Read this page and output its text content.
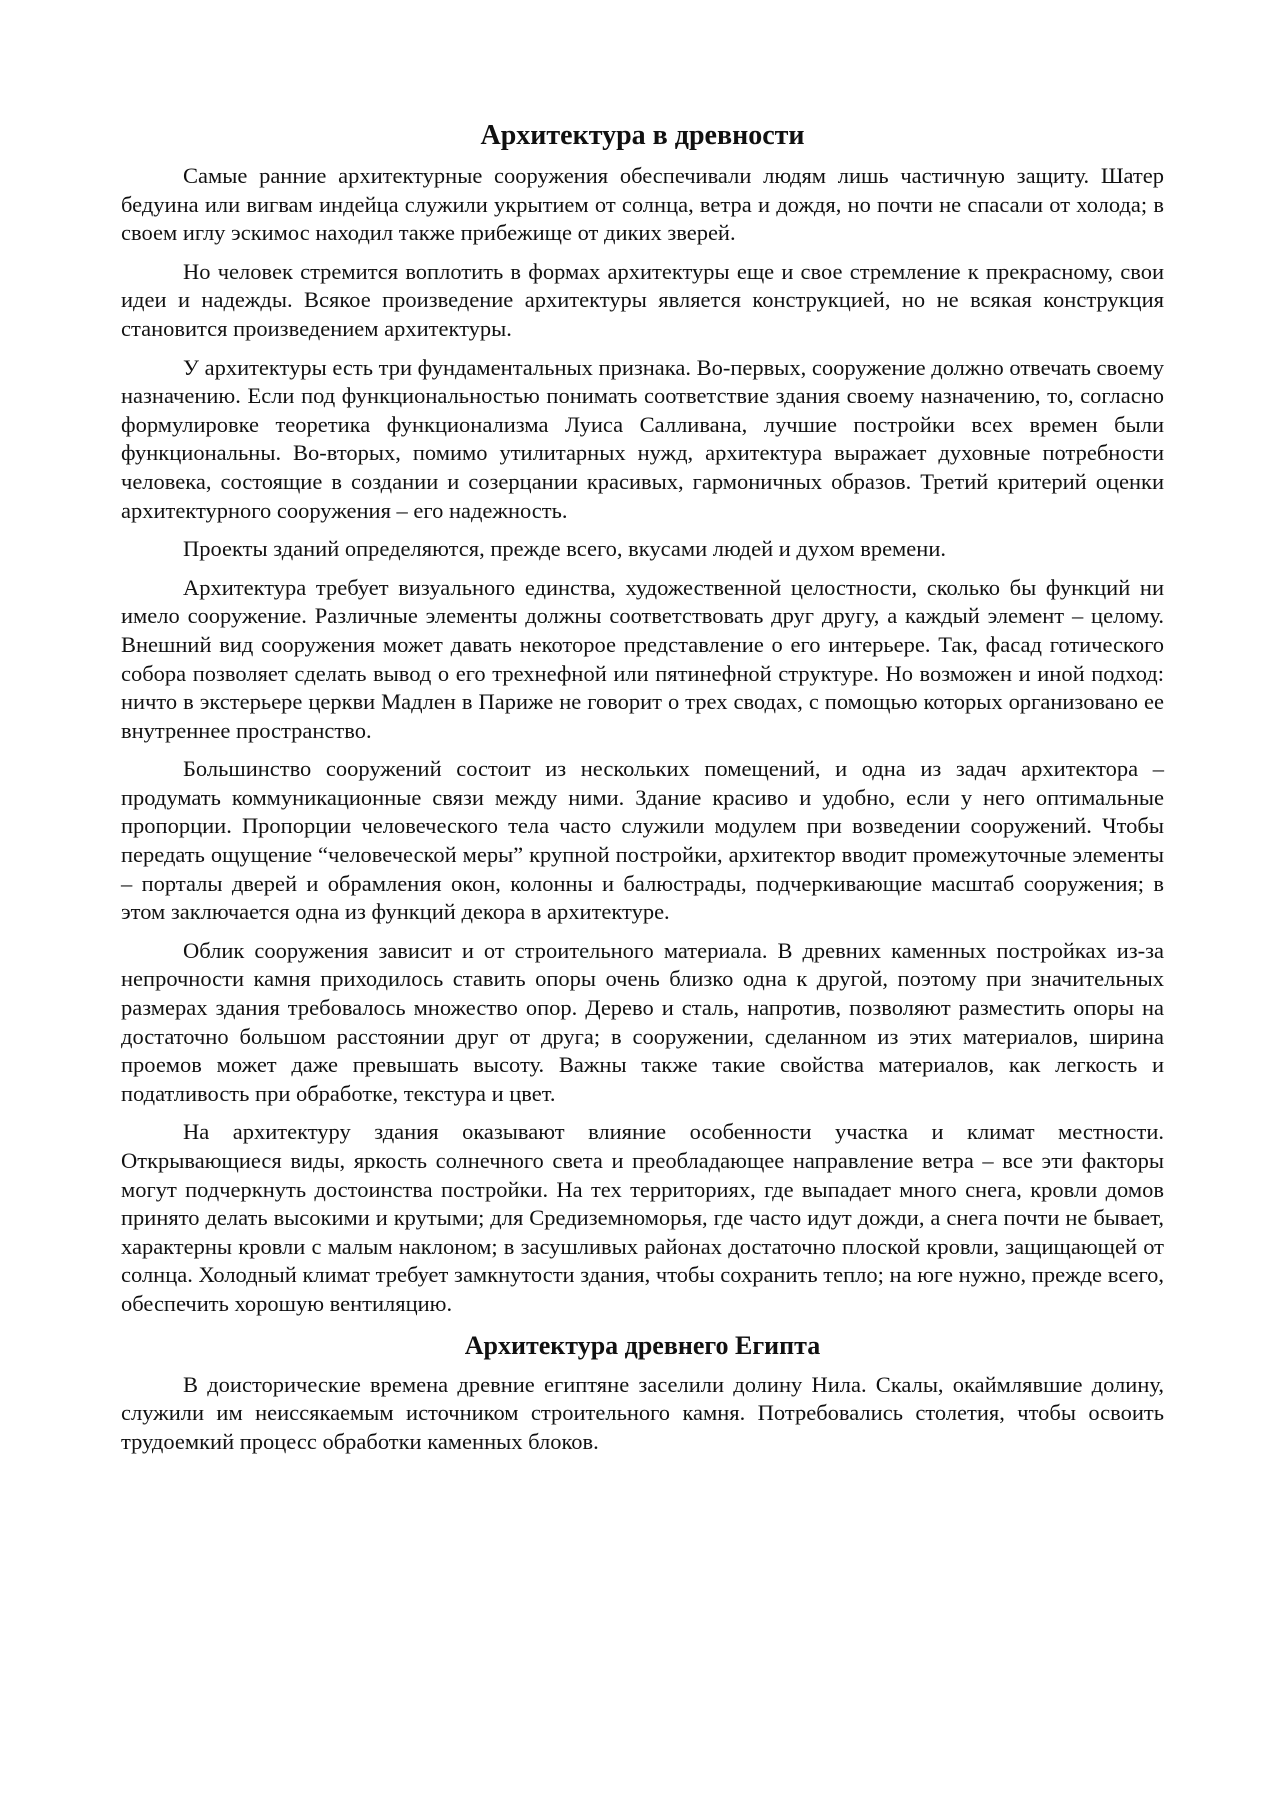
Архитектура в древности

Самые ранние архитектурные сооружения обеспечивали людям лишь частичную защиту. Шатер бедуина или вигвам индейца служили укрытием от солнца, ветра и дождя, но почти не спасали от холода; в своем иглу эскимос находил также прибежище от диких зверей.

Но человек стремится воплотить в формах архитектуры еще и свое стремление к прекрасному, свои идеи и надежды. Всякое произведение архитектуры является конструкцией, но не всякая конструкция становится произведением архитектуры.

У архитектуры есть три фундаментальных признака. Во-первых, сооружение должно отвечать своему назначению. Если под функциональностью понимать соответствие здания своему назначению, то, согласно формулировке теоретика функционализма Луиса Салливана, лучшие постройки всех времен были функциональны. Во-вторых, помимо утилитарных нужд, архитектура выражает духовные потребности человека, состоящие в создании и созерцании красивых, гармоничных образов. Третий критерий оценки архитектурного сооружения – его надежность.

Проекты зданий определяются, прежде всего, вкусами людей и духом времени.

Архитектура требует визуального единства, художественной целостности, сколько бы функций ни имело сооружение. Различные элементы должны соответствовать друг другу, а каждый элемент – целому. Внешний вид сооружения может давать некоторое представление о его интерьере. Так, фасад готического собора позволяет сделать вывод о его трехнефной или пятинефной структуре. Но возможен и иной подход: ничто в экстерьере церкви Мадлен в Париже не говорит о трех сводах, с помощью которых организовано ее внутреннее пространство.

Большинство сооружений состоит из нескольких помещений, и одна из задач архитектора – продумать коммуникационные связи между ними. Здание красиво и удобно, если у него оптимальные пропорции. Пропорции человеческого тела часто служили модулем при возведении сооружений. Чтобы передать ощущение “человеческой меры” крупной постройки, архитектор вводит промежуточные элементы – порталы дверей и обрамления окон, колонны и балюстрады, подчеркивающие масштаб сооружения; в этом заключается одна из функций декора в архитектуре.

Облик сооружения зависит и от строительного материала. В древних каменных постройках из-за непрочности камня приходилось ставить опоры очень близко одна к другой, поэтому при значительных размерах здания требовалось множество опор. Дерево и сталь, напротив, позволяют разместить опоры на достаточно большом расстоянии друг от друга; в сооружении, сделанном из этих материалов, ширина проемов может даже превышать высоту. Важны также такие свойства материалов, как легкость и податливость при обработке, текстура и цвет.

На архитектуру здания оказывают влияние особенности участка и климат местности. Открывающиеся виды, яркость солнечного света и преобладающее направление ветра – все эти факторы могут подчеркнуть достоинства постройки. На тех территориях, где выпадает много снега, кровли домов принято делать высокими и крутыми; для Средиземноморья, где часто идут дожди, а снега почти не бывает, характерны кровли с малым наклоном; в засушливых районах достаточно плоской кровли, защищающей от солнца. Холодный климат требует замкнутости здания, чтобы сохранить тепло; на юге нужно, прежде всего, обеспечить хорошую вентиляцию.

Архитектура древнего Египта

В доисторические времена древние египтяне заселили долину Нила. Скалы, окаймлявшие долину, служили им неиссякаемым источником строительного камня. Потребовались столетия, чтобы освоить трудоемкий процесс обработки каменных блоков.
